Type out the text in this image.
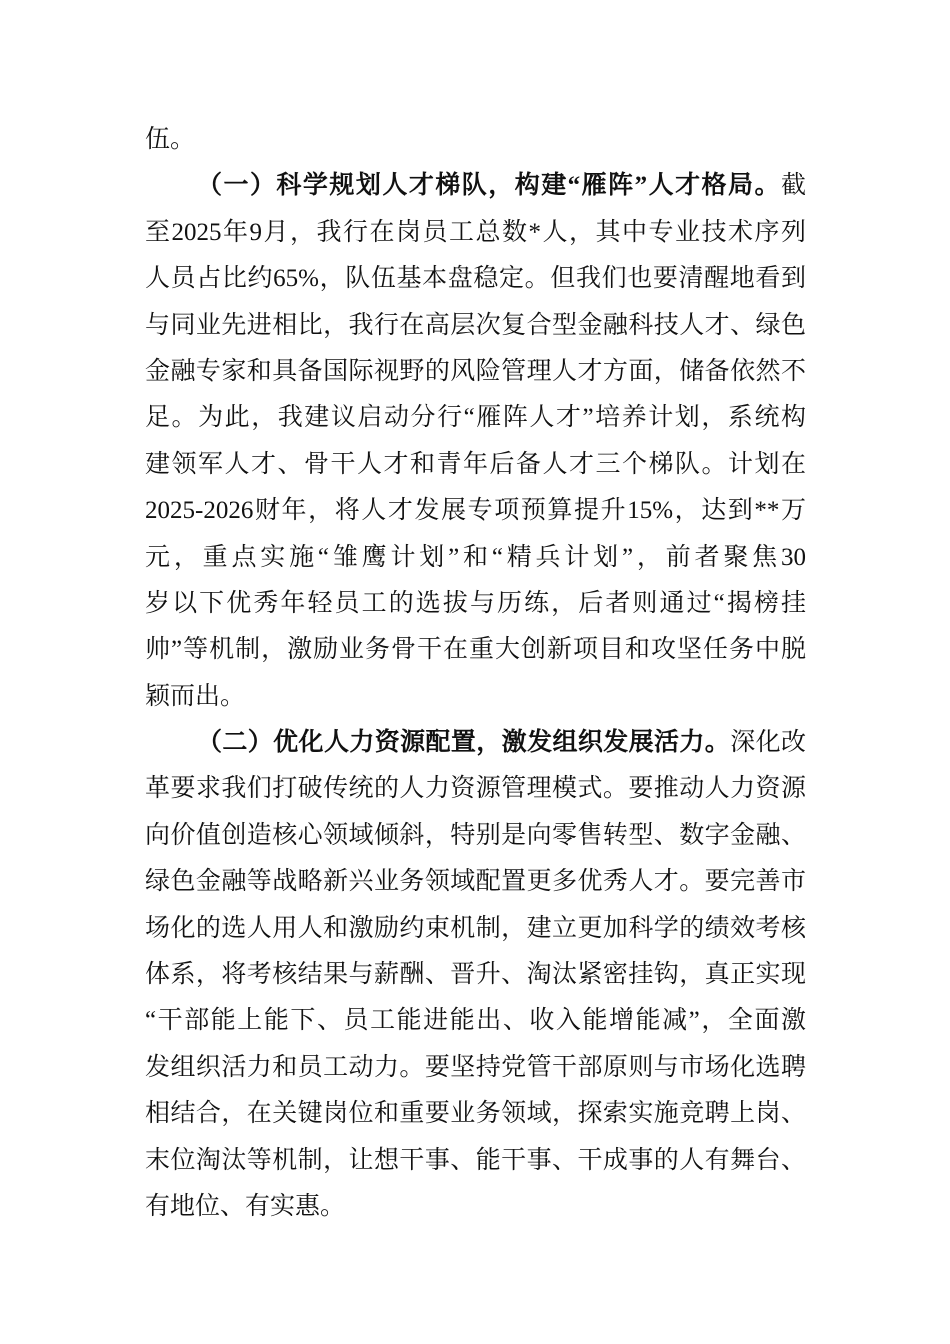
伍。
（一）科学规划人才梯队，构建“雁阵”人才格局。截
至2025年9月，我行在岗员工总数*人，其中专业技术序列
人员占比约65%，队伍基本盘稳定。但我们也要清醒地看到
与同业先进相比，我行在高层次复合型金融科技人才、绿色
金融专家和具备国际视野的风险管理人才方面，储备依然不
足。为此，我建议启动分行“雁阵人才”培养计划，系统构
建领军人才、骨干人才和青年后备人才三个梯队。计划在
2025-2026财年，将人才发展专项预算提升15%，达到**万
元，重点实施“雏鹰计划”和“精兵计划”，前者聚焦30
岁以下优秀年轻员工的选拔与历练，后者则通过“揭榜挂
帅”等机制，激励业务骨干在重大创新项目和攻坚任务中脱
颖而出。
（二）优化人力资源配置，激发组织发展活力。深化改
革要求我们打破传统的人力资源管理模式。要推动人力资源
向价值创造核心领域倾斜，特别是向零售转型、数字金融、
绿色金融等战略新兴业务领域配置更多优秀人才。要完善市
场化的选人用人和激励约束机制，建立更加科学的绩效考核
体系，将考核结果与薪酬、晋升、淘汰紧密挂钩，真正实现
“干部能上能下、员工能进能出、收入能增能减”，全面激
发组织活力和员工动力。要坚持党管干部原则与市场化选聘
相结合，在关键岗位和重要业务领域，探索实施竞聘上岗、
末位淘汰等机制，让想干事、能干事、干成事的人有舞台、
有地位、有实惠。
